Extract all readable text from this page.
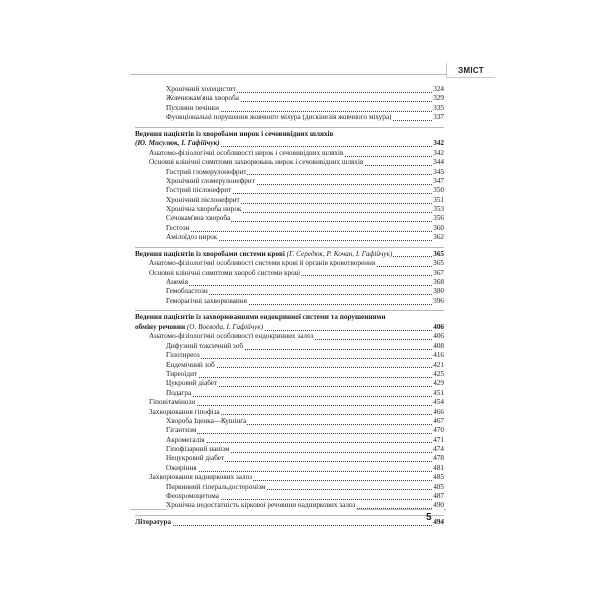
ЗМІСТ
Хронічний холецистит	324
Жовчнокам'яна хвороба	329
Пухлини печінки	335
Функціональні порушення жовчного міхура (дискінезія жовчного міхура)	337
Ведення пацієнтів із хворобами нирок і сечовивідних шляхів
(Ю. Мисулюк, І. Гафійчук)	342
Анатомо-фізіологічні особливості нирок і сечовивідних шляхів	342
Основні клінічні симптоми захворювань нирок і сечовивідних шляхів	344
Гострий гломерулонефрит	345
Хронічний гломерулонефрит	347
Гострий пієлонефрит	350
Хронічний пієлонефрит	351
Хронічна хвороба нирок	353
Сечокам'яна хвороба	356
Гестози	360
Амілоїдоз нирок	362
Ведення пацієнтів із хворобами системи крові (Г. Середюк, Р. Кочан, І. Гафійчук)	365
Анатомо-фізіологічні особливості системи крові й органів кровотворення	365
Основні клінічні симптоми хвороб системи крові	367
Анемія	368
Гемобластози	380
Геморагічні захворювання	396
Ведення пацієнтів із захворюваннями ендокринної системи та порушеннями
обміну речовин (О. Воєвода, І. Гафійчук)	406
Анатомо-фізіологічні особливості ендокринних залоз	406
Дифузний токсичний зоб	408
Гіпотиреоз	416
Ендемічний зоб	421
Тиреоїдит	425
Цукровий діабет	429
Подагра	451
Гіповітамінози	454
Захворювання гіпофіза	466
Хвороба Іценка—Кушінга	467
Гігантизм	470
Акромегалія	471
Гіпофізарний нанізм	474
Нецукровий діабет	478
Ожиріння	481
Захворювання надниркових залоз	485
Первинний гіперальдостеронізм	485
Феохромоцитома	487
Хронічна недостатність кіркової речовини надниркових залоз	490
Література	494
5
